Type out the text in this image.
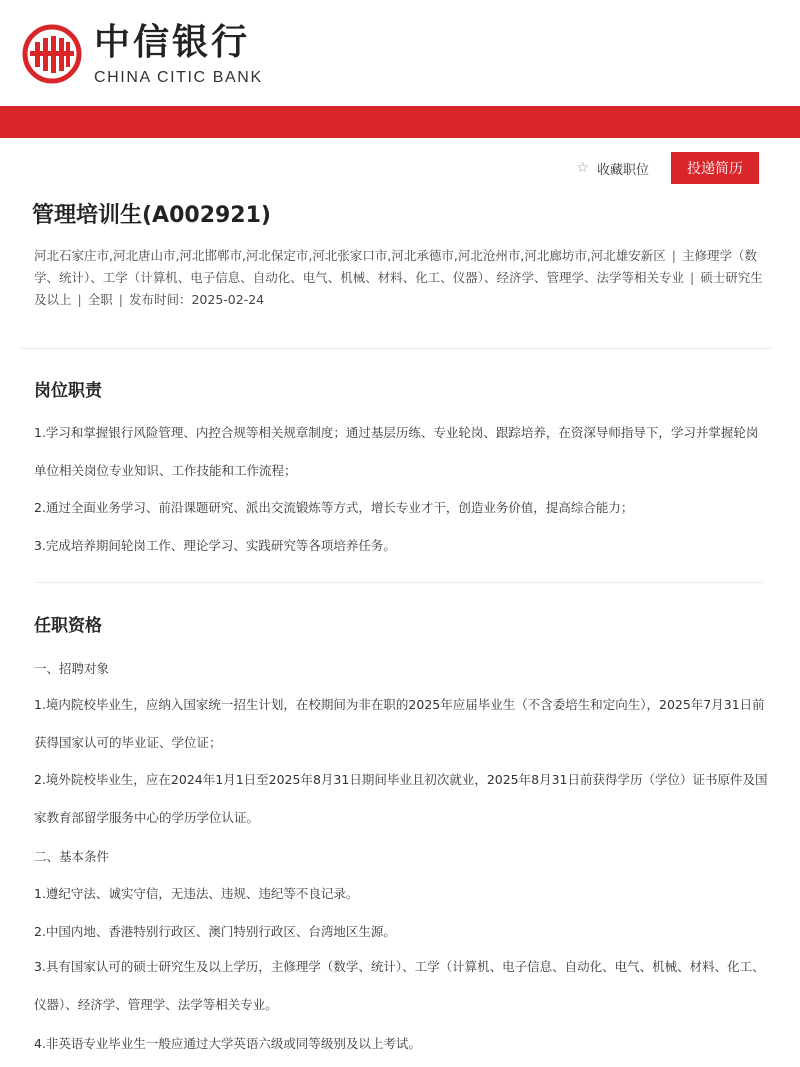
中信银行
CHINA CITIC BANK
☆ 收藏职位	投递简历
管理培训生(A002921)
河北石家庄市,河北唐山市,河北邯郸市,河北保定市,河北张家口市,河北承德市,河北沧州市,河北廊坊市,河北雄安新区 | 主修理学（数学、统计）、工学（计算机、电子信息、自动化、电气、机械、材料、化工、仪器）、经济学、管理学、法学等相关专业 | 硕士研究生及以上 | 全职 | 发布时间：2025-02-24
岗位职责
1.学习和掌握银行风险管理、内控合规等相关规章制度；通过基层历练、专业轮岗、跟踪培养，在资深导师指导下，学习并掌握轮岗单位相关岗位专业知识、工作技能和工作流程；
2.通过全面业务学习、前沿课题研究、派出交流锻炼等方式，增长专业才干，创造业务价值，提高综合能力；
3.完成培养期间轮岗工作、理论学习、实践研究等各项培养任务。
任职资格
一、招聘对象
1.境内院校毕业生，应纳入国家统一招生计划，在校期间为非在职的2025年应届毕业生（不含委培生和定向生），2025年7月31日前获得国家认可的毕业证、学位证；
2.境外院校毕业生，应在2024年1月1日至2025年8月31日期间毕业且初次就业，2025年8月31日前获得学历（学位）证书原件及国家教育部留学服务中心的学历学位认证。
二、基本条件
1.遵纪守法、诚实守信，无违法、违规、违纪等不良记录。
2.中国内地、香港特别行政区、澳门特别行政区、台湾地区生源。
3.具有国家认可的硕士研究生及以上学历，主修理学（数学、统计）、工学（计算机、电子信息、自动化、电气、机械、材料、化工、仪器）、经济学、管理学、法学等相关专业。
4.非英语专业毕业生一般应通过大学英语六级或同等级别及以上考试。
